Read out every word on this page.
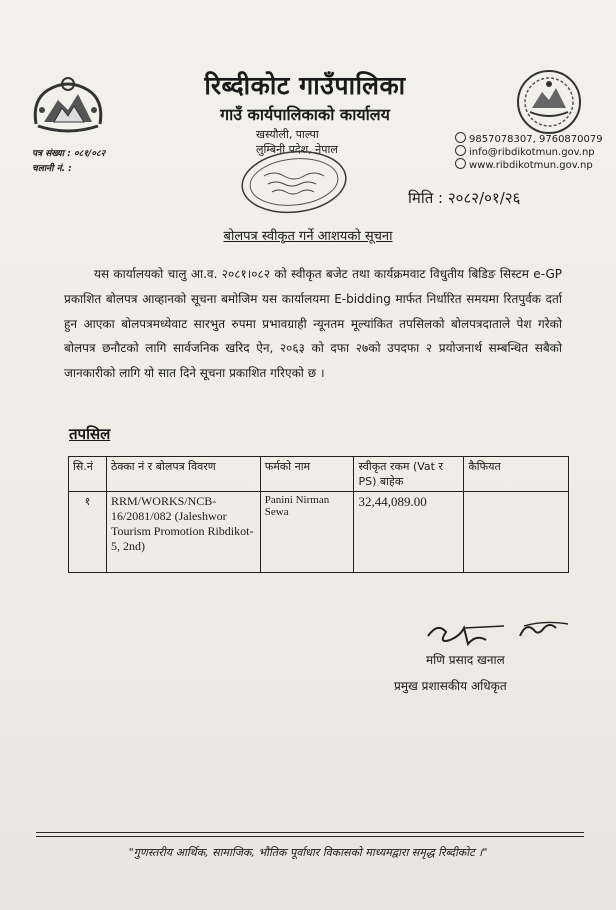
रिब्दीकोट गाउँपालिका
गाउँ कार्यपालिकाको कार्यालय
खस्यौली, पाल्पा
लुम्बिनी प्रदेश, नेपाल
9857078307, 9760870079
info@ribdikotmun.gov.np
www.ribdikotmun.gov.np
पत्र संख्या : ०८१/०८२
चलानी नं. :
मिति : २०८२/०१/२६
बोलपत्र स्वीकृत गर्ने आशयको सूचना
यस कार्यालयको चालु आ.व. २०८१।०८२ को स्वीकृत बजेट तथा कार्यक्रमवाट विधुतीय बिडिङ सिस्टम e-GP प्रकाशित बोलपत्र आव्हानको सूचना बमोजिम यस कार्यालयमा E-bidding मार्फत निर्धारित समयमा रितपुर्वक दर्ता हुन आएका बोलपत्रमध्येवाट सारभुत रुपमा प्रभावग्राही न्यूनतम मूल्यांकित तपसिलको बोलपत्रदाताले पेश गरेको बोलपत्र छनौटको लागि सार्वजनिक खरिद ऐन, २०६३ को दफा २७को उपदफा २ प्रयोजनार्थ सम्बन्धित सबैको जानकारीको लागि यो सात दिने सूचना प्रकाशित गरिएको छ ।
तपसिल
सि.नं	ठेक्का नं र बोलपत्र विवरण	फर्मको नाम	स्वीकृत रकम (Vat र PS) बाहेक	कैफियत
१	RRM/WORKS/NCB-16/2081/082 (Jaleshwor Tourism Promotion Ribdikot-5, 2nd)	Panini Nirman Sewa	32,44,089.00	
मणि प्रसाद खनाल
प्रमुख प्रशासकीय अधिकृत
"गुणस्तरीय आर्थिक, सामाजिक, भौतिक पूर्वाधार विकासको माध्यमद्वारा समृद्ध रिब्दीकोट ।"
